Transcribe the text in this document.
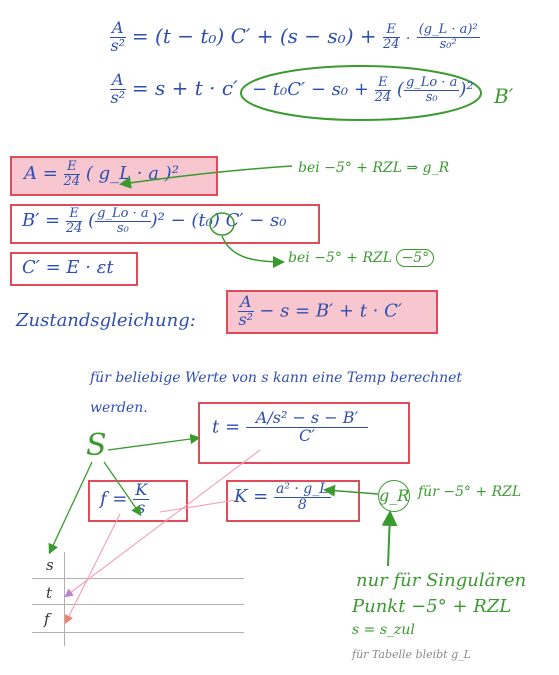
$\frac{A}{\text{s²}} = (t - t_0) C' + (s - s_0) + \frac{E}{24} \cdot \frac{\text{(g\_L · a)²}}{\text{s₀²}}$
$\frac{A}{\text{s²}} = s + t \cdot c' - t_0C' - s_0 + \frac{E}{24}$ ( $\frac{g\_Lo \cdot a}{\text{s₀}} )^2$ B′
$A = \frac{E}{24}$ ( g_L · a )²	bei −5° + RZL ⇒ g_R
$B' = \frac{E}{24}$ ( $\frac{g\_Lo \cdot a}{\text{s₀}} )^2 - (t_0)$ C′ − s₀
C′ = E · εt	bei −5° + RZL −5°
Zustandsgleichung:	$\frac{A}{\text{s²}} - s = B' + t \cdot C'$
für beliebige Werte von s kann eine Temp berechnet
werden.
S
$t = \frac{\text{A/s² − s − B′}}{C'}$
$f = \frac{K}{s}$	$K = \frac{\text{a² · g\_L}}{8}$	g_R für −5° + RZL
s
t
f
nur für Singulären
Punkt −5° + RZL
s = s_zul
für Tabelle bleibt g_L
